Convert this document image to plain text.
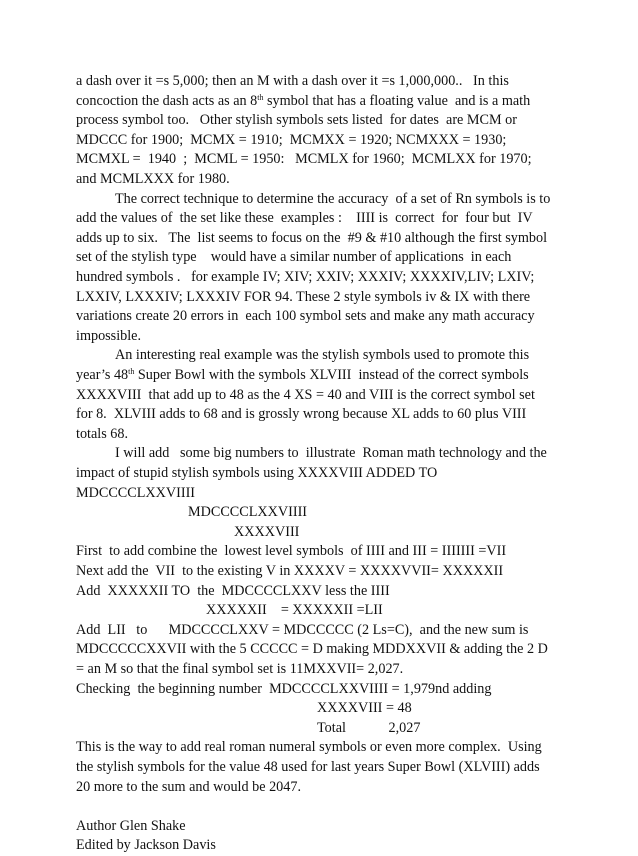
a dash over it =s 5,000; then an M with a dash over it =s 1,000,000..   In this
concoction the dash acts as an 8th symbol that has a floating value  and is a math
process symbol too.   Other stylish symbols sets listed  for dates  are MCM or
MDCCC for 1900;  MCMX = 1910;  MCMXX = 1920; NCMXXX = 1930;
MCMXL =  1940  ;  MCML = 1950:   MCMLX for 1960;  MCMLXX for 1970;
and MCMLXXX for 1980.
The correct technique to determine the accuracy  of a set of Rn symbols is to
add the values of  the set like these  examples :    IIII is  correct  for  four but  IV
adds up to six.   The  list seems to focus on the  #9 & #10 although the first symbol
set of the stylish type    would have a similar number of applications  in each
hundred symbols .   for example IV; XIV; XXIV; XXXIV; XXXXIV,LIV; LXIV;
LXXIV, LXXXIV; LXXXIV FOR 94. These 2 style symbols iv & IX with there
variations create 20 errors in  each 100 symbol sets and make any math accuracy
impossible.
An interesting real example was the stylish symbols used to promote this
year’s 48th Super Bowl with the symbols XLVIII  instead of the correct symbols
XXXXVIII  that add up to 48 as the 4 XS = 40 and VIII is the correct symbol set
for 8.  XLVIII adds to 68 and is grossly wrong because XL adds to 60 plus VIII
totals 68.
I will add   some big numbers to  illustrate  Roman math technology and the
impact of stupid stylish symbols using XXXXVIII ADDED TO
MDCCCCLXXVIIII
MDCCCCLXXVIIII
XXXXVIII
First  to add combine the  lowest level symbols  of IIII and III = IIIIIII =VII
Next add the  VII  to the existing V in XXXXV = XXXXVVII= XXXXXII
Add  XXXXXII TO  the  MDCCCCLXXV less the IIII
XXXXXII    = XXXXXII =LII
Add  LII   to      MDCCCCLXXV = MDCCCCC (2 Ls=C),  and the new sum is
MDCCCCCXXVII with the 5 CCCCC = D making MDDXXVII & adding the 2 D
= an M so that the final symbol set is 11MXXVII= 2,027.
Checking  the beginning number  MDCCCCLXXVIIII = 1,979nd adding
XXXXVIII = 48
Total            2,027
This is the way to add real roman numeral symbols or even more complex.  Using
the stylish symbols for the value 48 used for last years Super Bowl (XLVIII) adds
20 more to the sum and would be 2047.
Author Glen Shake
Edited by Jackson Davis
